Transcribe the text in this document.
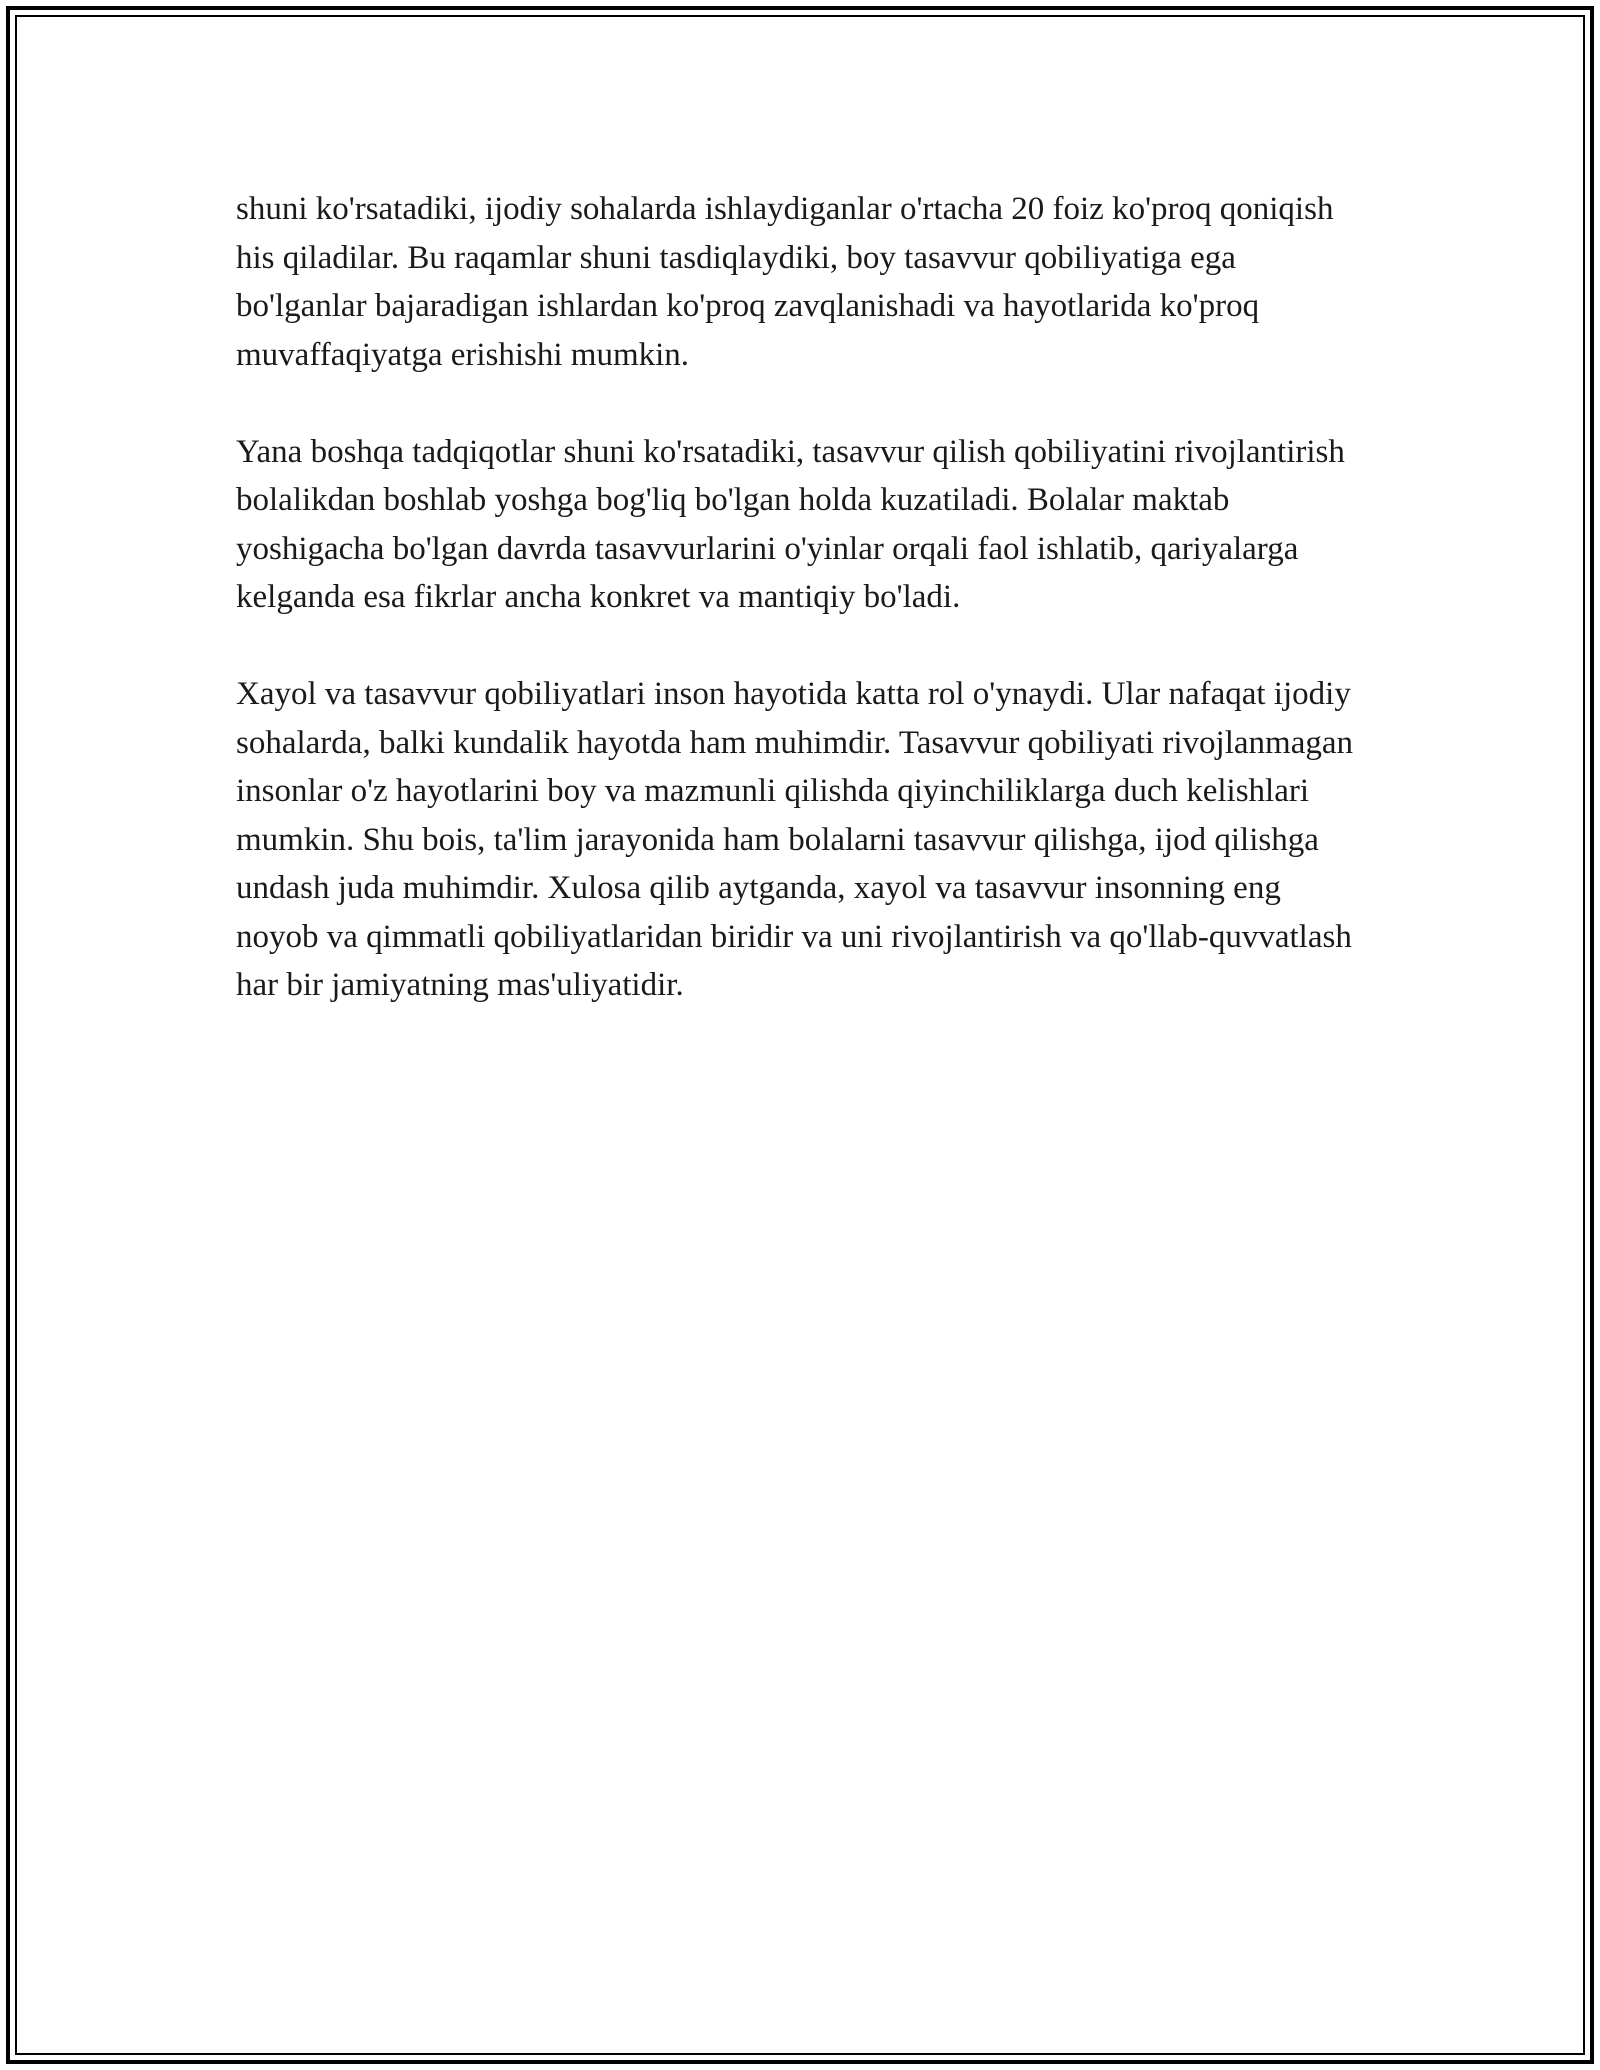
shuni ko'rsatadiki, ijodiy sohalarda ishlaydiganlar o'rtacha 20 foiz ko'proq qoniqish his qiladilar. Bu raqamlar shuni tasdiqlaydiki, boy tasavvur qobiliyatiga ega bo'lganlar bajaradigan ishlardan ko'proq zavqlanishadi va hayotlarida ko'proq muvaffaqiyatga erishishi mumkin.

Yana boshqa tadqiqotlar shuni ko'rsatadiki, tasavvur qilish qobiliyatini rivojlantirish bolalikdan boshlab yoshga bog'liq bo'lgan holda kuzatiladi. Bolalar maktab yoshigacha bo'lgan davrda tasavvurlarini o'yinlar orqali faol ishlatib, qariyalarga kelganda esa fikrlar ancha konkret va mantiqiy bo'ladi.

Xayol va tasavvur qobiliyatlari inson hayotida katta rol o'ynaydi. Ular nafaqat ijodiy sohalarda, balki kundalik hayotda ham muhimdir. Tasavvur qobiliyati rivojlanmagan insonlar o'z hayotlarini boy va mazmunli qilishda qiyinchiliklarga duch kelishlari mumkin. Shu bois, ta'lim jarayonida ham bolalarni tasavvur qilishga, ijod qilishga undash juda muhimdir. Xulosa qilib aytganda, xayol va tasavvur insonning eng noyob va qimmatli qobiliyatlaridan biridir va uni rivojlantirish va qo'llab-quvvatlash har bir jamiyatning mas'uliyatidir.
